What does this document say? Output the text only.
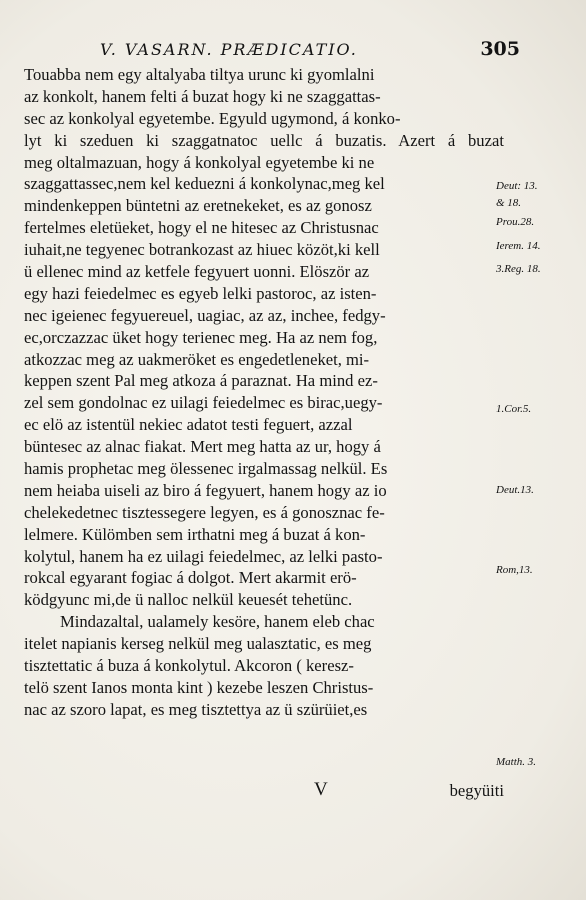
V. VASARN. PRÆDICATIO.	305
Touabba nem egy altalyaba tiltya urunc ki gyomlalni
az konkolt, hanem felti á buzat hogy ki ne szaggattas-
sec az konkolyal egyetembe. Egyuld ugymond, á konko-
lyt ki szeduen ki szaggatnatoc uellc á buzatis. Azert á buzat
meg oltalmazuan, hogy á konkolyal egyetembe ki ne
szaggattassec,nem kel keduezni á konkolynac,meg kel
mindenkeppen büntetni az eretnekeket, es az gonosz
fertelmes eletüeket, hogy el ne hitesec az Christusnac
iuhait,ne tegyenec botrankozast az hiuec közöt,ki kell
ü ellenec mind az ketfele fegyuert uonni. Elöször az
egy hazi feiedelmec es egyeb lelki pastoroc, az isten-
nec igeienec fegyuereuel, uagiac, az az, inchee, fedgy-
ec,orczazzac üket hogy terienec meg. Ha az nem fog,
atkozzac meg az uakmeröket es engedetleneket, mi-
keppen szent Pal meg atkoza á paraznat. Ha mind ez-
zel sem gondolnac ez uilagi feiedelmec es birac,uegy-
ec elö az istentül nekiec adatot testi feguert, azzal
büntesec az alnac fiakat. Mert meg hatta az ur, hogy á
hamis prophetac meg ölessenec irgalmassag nelkül. Es
nem heiaba uiseli az biro á fegyuert, hanem hogy az io
chelekedetnec tisztessegere legyen, es á gonosznac fe-
lelmere. Külömben sem irthatni meg á buzat á kon-
kolytul, hanem ha ez uilagi feiedelmec, az lelki pasto-
rokcal egyarant fogiac á dolgot. Mert akarmit erö-
ködgyunc mi,de ü nalloc nelkül keuesét tehetünc.
Mindazaltal, ualamely kesöre, hanem eleb chac
itelet napianis kerseg nelkül meg ualasztatic, es meg
tisztettatic á buza á konkolytul. Akcoron ( keresz-
telö szent Ianos monta kint ) kezebe leszen Christus-
nac az szoro lapat, es meg tisztettya az ü szürüiet,es
Deut: 13.
& 18.
Prou.28.
Ierem. 14.
3.Reg. 18.
1.Cor.5.
Deut.13.
Rom,13.
Matth. 3.
V	begyüiti
